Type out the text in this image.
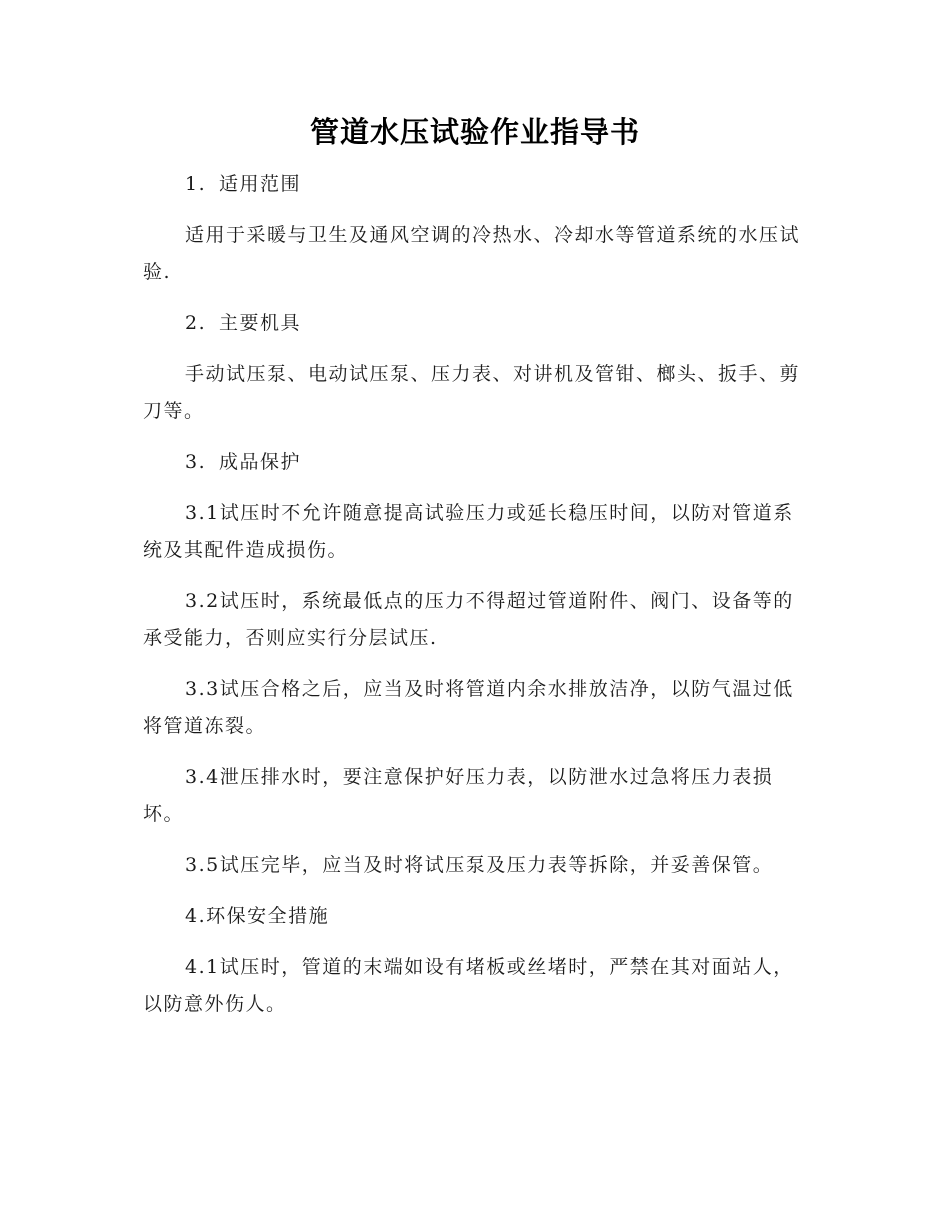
管道水压试验作业指导书
1. 适用范围

适用于采暖与卫生及通风空调的冷热水、冷却水等管道系统的水压试验.

2. 主要机具

手动试压泵、电动试压泵、压力表、对讲机及管钳、榔头、扳手、剪刀等。

3. 成品保护

3.1试压时不允许随意提高试验压力或延长稳压时间，以防对管道系统及其配件造成损伤。

3.2试压时，系统最低点的压力不得超过管道附件、阀门、设备等的承受能力，否则应实行分层试压.

3.3试压合格之后，应当及时将管道内余水排放洁净，以防气温过低将管道冻裂。

3.4泄压排水时，要注意保护好压力表，以防泄水过急将压力表损坏。

3.5试压完毕，应当及时将试压泵及压力表等拆除，并妥善保管。

4.环保安全措施

4.1试压时，管道的末端如设有堵板或丝堵时，严禁在其对面站人，以防意外伤人。
